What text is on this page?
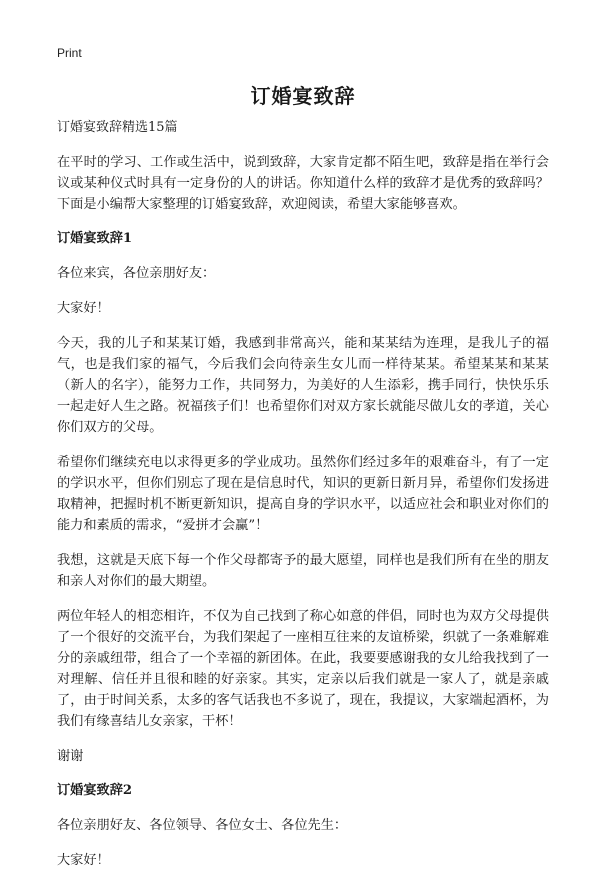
Print
订婚宴致辞
订婚宴致辞精选15篇

在平时的学习、工作或生活中，说到致辞，大家肯定都不陌生吧，致辞是指在举行会议或某种仪式时具有一定身份的人的讲话。你知道什么样的致辞才是优秀的致辞吗？下面是小编帮大家整理的订婚宴致辞，欢迎阅读，希望大家能够喜欢。

订婚宴致辞1

各位来宾，各位亲朋好友：

大家好！

今天，我的儿子和某某订婚，我感到非常高兴，能和某某结为连理，是我儿子的福气，也是我们家的福气，今后我们会向待亲生女儿而一样待某某。希望某某和某某（新人的名字），能努力工作，共同努力，为美好的人生添彩，携手同行，快快乐乐一起走好人生之路。祝福孩子们！也希望你们对双方家长就能尽做儿女的孝道，关心你们双方的父母。

希望你们继续充电以求得更多的学业成功。虽然你们经过多年的艰难奋斗，有了一定的学识水平，但你们别忘了现在是信息时代，知识的更新日新月异，希望你们发扬进取精神，把握时机不断更新知识，提高自身的学识水平，以适应社会和职业对你们的能力和素质的需求，“爱拼才会赢”！

我想，这就是天底下每一个作父母都寄予的最大愿望，同样也是我们所有在坐的朋友和亲人对你们的最大期望。

两位年轻人的相恋相许，不仅为自己找到了称心如意的伴侣，同时也为双方父母提供了一个很好的交流平台，为我们架起了一座相互往来的友谊桥梁，织就了一条难解难分的亲戚纽带，组合了一个幸福的新团体。在此，我要要感谢我的女儿给我找到了一对理解、信任并且很和睦的好亲家。其实，定亲以后我们就是一家人了，就是亲戚了，由于时间关系，太多的客气话我也不多说了，现在，我提议，大家端起酒杯，为我们有缘喜结儿女亲家，干杯！

谢谢

订婚宴致辞2

各位亲朋好友、各位领导、各位女士、各位先生：

大家好！
